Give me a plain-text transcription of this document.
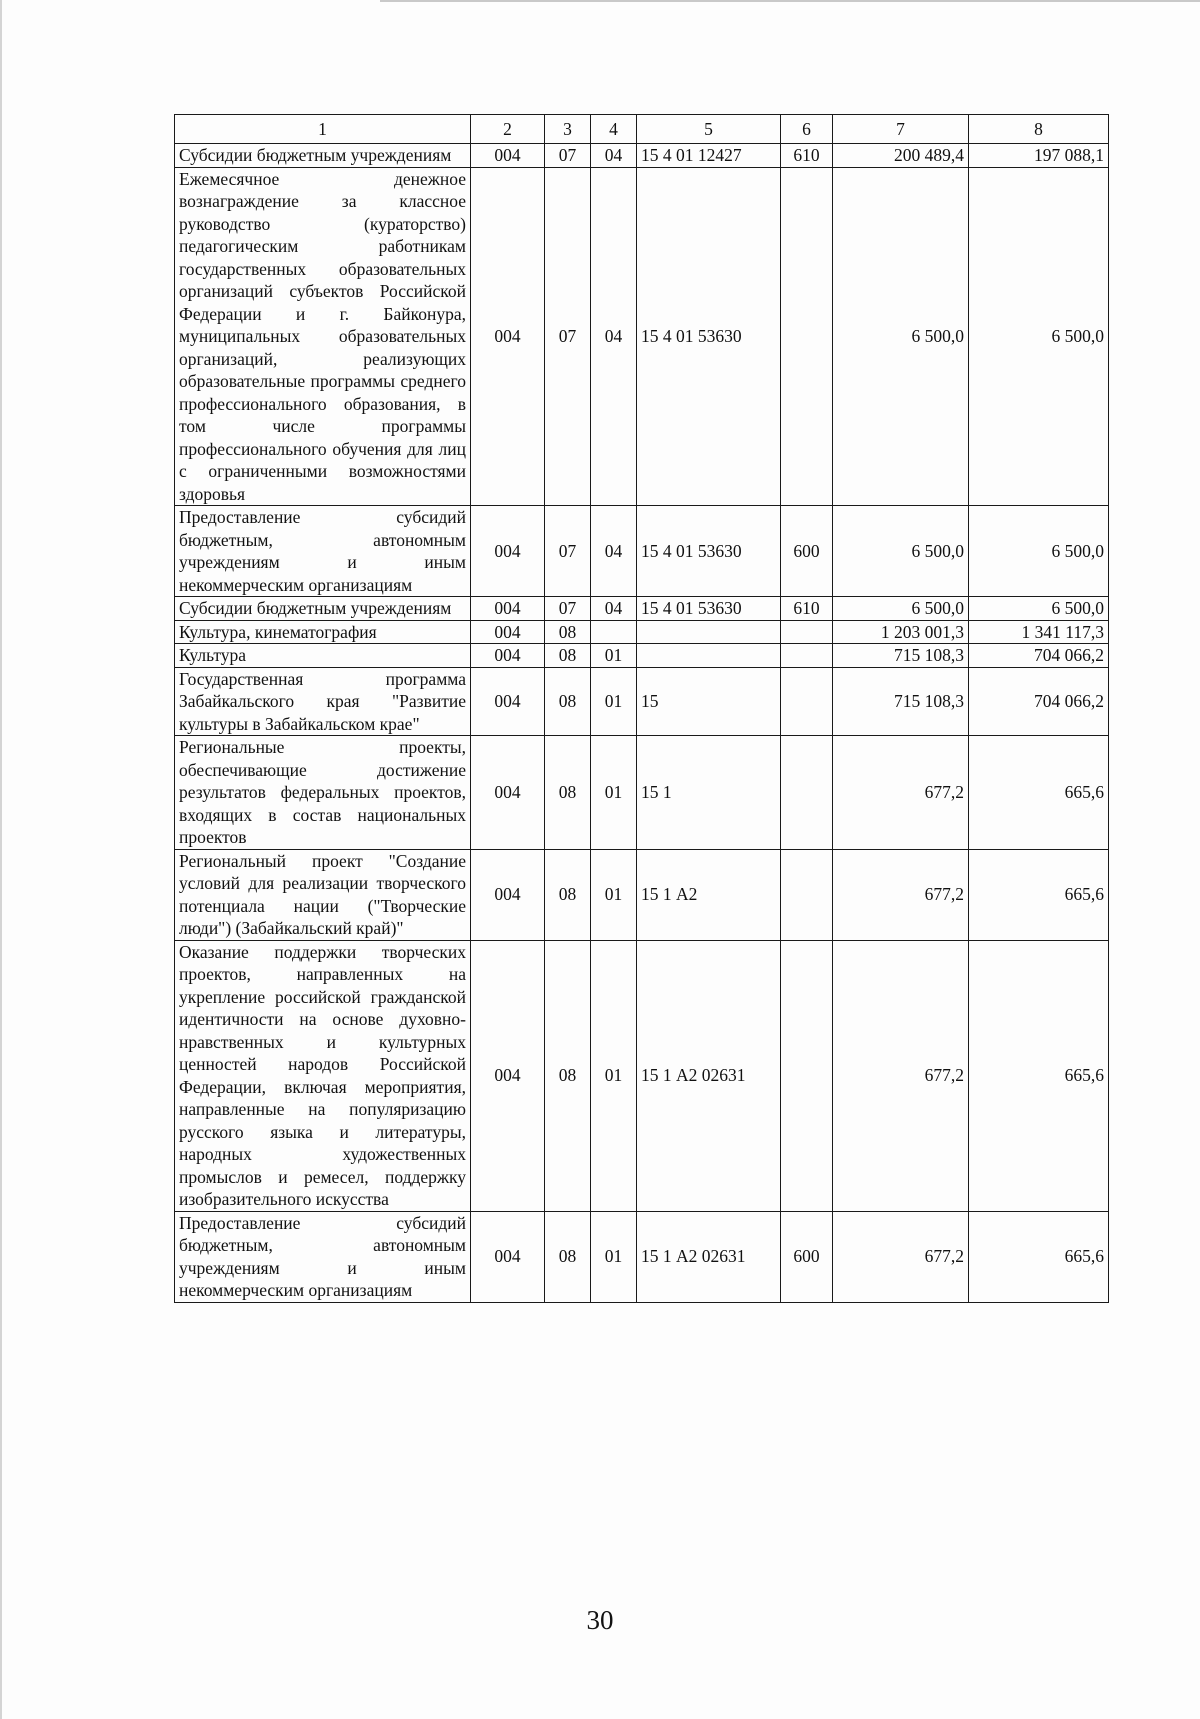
1	2	3	4	5	6	7	8
Субсидии бюджетным учреждениям	004	07	04	15 4 01 12427	610	200 489,4	197 088,1
Ежемесячное денежное вознаграждение за классное руководство (кураторство) педагогическим работникам государственных образовательных организаций субъектов Российской Федерации и г. Байконура, муниципальных образовательных организаций, реализующих образовательные программы среднего профессионального образования, в том числе программы профессионального обучения для лиц с ограниченными возможностями здоровья	004	07	04	15 4 01 53630		6 500,0	6 500,0
Предоставление субсидий бюджетным, автономным учреждениям и иным некоммерческим организациям	004	07	04	15 4 01 53630	600	6 500,0	6 500,0
Субсидии бюджетным учреждениям	004	07	04	15 4 01 53630	610	6 500,0	6 500,0
Культура, кинематография	004	08				1 203 001,3	1 341 117,3
Культура	004	08	01			715 108,3	704 066,2
Государственная программа Забайкальского края "Развитие культуры в Забайкальском крае"	004	08	01	15		715 108,3	704 066,2
Региональные проекты, обеспечивающие достижение результатов федеральных проектов, входящих в состав национальных проектов	004	08	01	15 1		677,2	665,6
Региональный проект "Создание условий для реализации творческого потенциала нации ("Творческие люди") (Забайкальский край)"	004	08	01	15 1 А2		677,2	665,6
Оказание поддержки творческих проектов, направленных на укрепление российской гражданской идентичности на основе духовно-нравственных и культурных ценностей народов Российской Федерации, включая мероприятия, направленные на популяризацию русского языка и литературы, народных художественных промыслов и ремесел, поддержку изобразительного искусства	004	08	01	15 1 А2 02631		677,2	665,6
Предоставление субсидий бюджетным, автономным учреждениям и иным некоммерческим организациям	004	08	01	15 1 А2 02631	600	677,2	665,6
30
